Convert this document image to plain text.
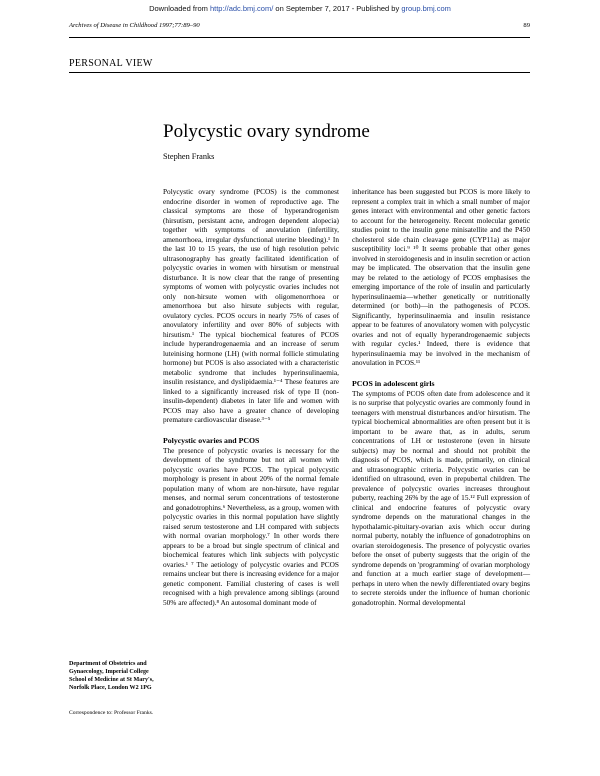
Downloaded from http://adc.bmj.com/ on September 7, 2017 - Published by group.bmj.com
Archives of Disease in Childhood 1997;77:89–90	89
PERSONAL VIEW
Polycystic ovary syndrome
Stephen Franks

Polycystic ovary syndrome (PCOS) is the commonest endocrine disorder in women of reproductive age. The classical symptoms are those of hyperandrogenism (hirsutism, persistant acne, androgen dependent alopecia) together with symptoms of anovulation (infertility, amenorrhoea, irregular dysfunctional uterine bleeding).¹ In the last 10 to 15 years, the use of high resolution pelvic ultrasonography has greatly facilitated identification of polycystic ovaries in women with hirsutism or menstrual disturbance. It is now clear that the range of presenting symptoms of women with polycystic ovaries includes not only non-hirsute women with oligomenorrhoea or amenorrhoea but also hirsute subjects with regular, ovulatory cycles. PCOS occurs in nearly 75% of cases of anovulatory infertility and over 80% of subjects with hirsutism.¹ The typical biochemical features of PCOS include hyperandrogenaemia and an increase of serum luteinising hormone (LH) (with normal follicle stimulating hormone) but PCOS is also associated with a characteristic metabolic syndrome that includes hyperinsulinaemia, insulin resistance, and dyslipidaemia.¹⁻⁴ These features are linked to a significantly increased risk of type II (non-insulin-dependent) diabetes in later life and women with PCOS may also have a greater chance of developing premature cardiovascular disease.³⁻⁵

Polycystic ovaries and PCOS

The presence of polycystic ovaries is necessary for the development of the syndrome but not all women with polycystic ovaries have PCOS. The typical polycystic morphology is present in about 20% of the normal female population many of whom are non-hirsute, have regular menses, and normal serum concentrations of testosterone and gonadotrophins.⁶ Nevertheless, as a group, women with polycystic ovaries in this normal population have slightly raised serum testosterone and LH compared with subjects with normal ovarian morphology.⁷ In other words there appears to be a broad but single spectrum of clinical and biochemical features which link subjects with polycystic ovaries.¹ ⁷ The aetiology of polycystic ovaries and PCOS remains unclear but there is increasing evidence for a major genetic component. Familial clustering of cases is well recognised with a high prevalence among siblings (around 50% are affected).⁸ An autosomal dominant mode of

inheritance has been suggested but PCOS is more likely to represent a complex trait in which a small number of major genes interact with environmental and other genetic factors to account for the heterogeneity. Recent molecular genetic studies point to the insulin gene minisatellite and the P450 cholesterol side chain cleavage gene (CYP11a) as major susceptibility loci.⁹ ¹⁰ It seems probable that other genes involved in steroidogenesis and in insulin secretion or action may be implicated. The observation that the insulin gene may be related to the aetiology of PCOS emphasises the emerging importance of the role of insulin and particularly hyperinsulinaemia—whether genetically or nutritionally determined (or both)—in the pathogenesis of PCOS. Significantly, hyperinsulinaemia and insulin resistance appear to be features of anovulatory women with polycystic ovaries and not of equally hyperandrogenaemic subjects with regular cycles.¹ Indeed, there is evidence that hyperinsulinaemia may be involved in the mechanism of anovulation in PCOS.¹¹

PCOS in adolescent girls

The symptoms of PCOS often date from adolescence and it is no surprise that polycystic ovaries are commonly found in teenagers with menstrual disturbances and/or hirsutism. The typical biochemical abnormalities are often present but it is important to be aware that, as in adults, serum concentrations of LH or testosterone (even in hirsute subjects) may be normal and should not prohibit the diagnosis of PCOS, which is made, primarily, on clinical and ultrasonographic criteria. Polycystic ovaries can be identified on ultrasound, even in prepubertal children. The prevalence of polycystic ovaries increases throughout puberty, reaching 26% by the age of 15.¹² Full expression of clinical and endocrine features of polycystic ovary syndrome depends on the maturational changes in the hypothalamic-pituitary-ovarian axis which occur during normal puberty, notably the influence of gonadotrophins on ovarian steroidogenesis. The presence of polycystic ovaries before the onset of puberty suggests that the origin of the syndrome depends on 'programming' of ovarian morphology and function at a much earlier stage of development—perhaps in utero when the newly differentiated ovary begins to secrete steroids under the influence of human chorionic gonadotrophin. Normal developmental

Department of Obstetrics and Gynaecology, Imperial College School of Medicine at St Mary's, Norfolk Place, London W2 1PG
Correspondence to: Professor Franks.
